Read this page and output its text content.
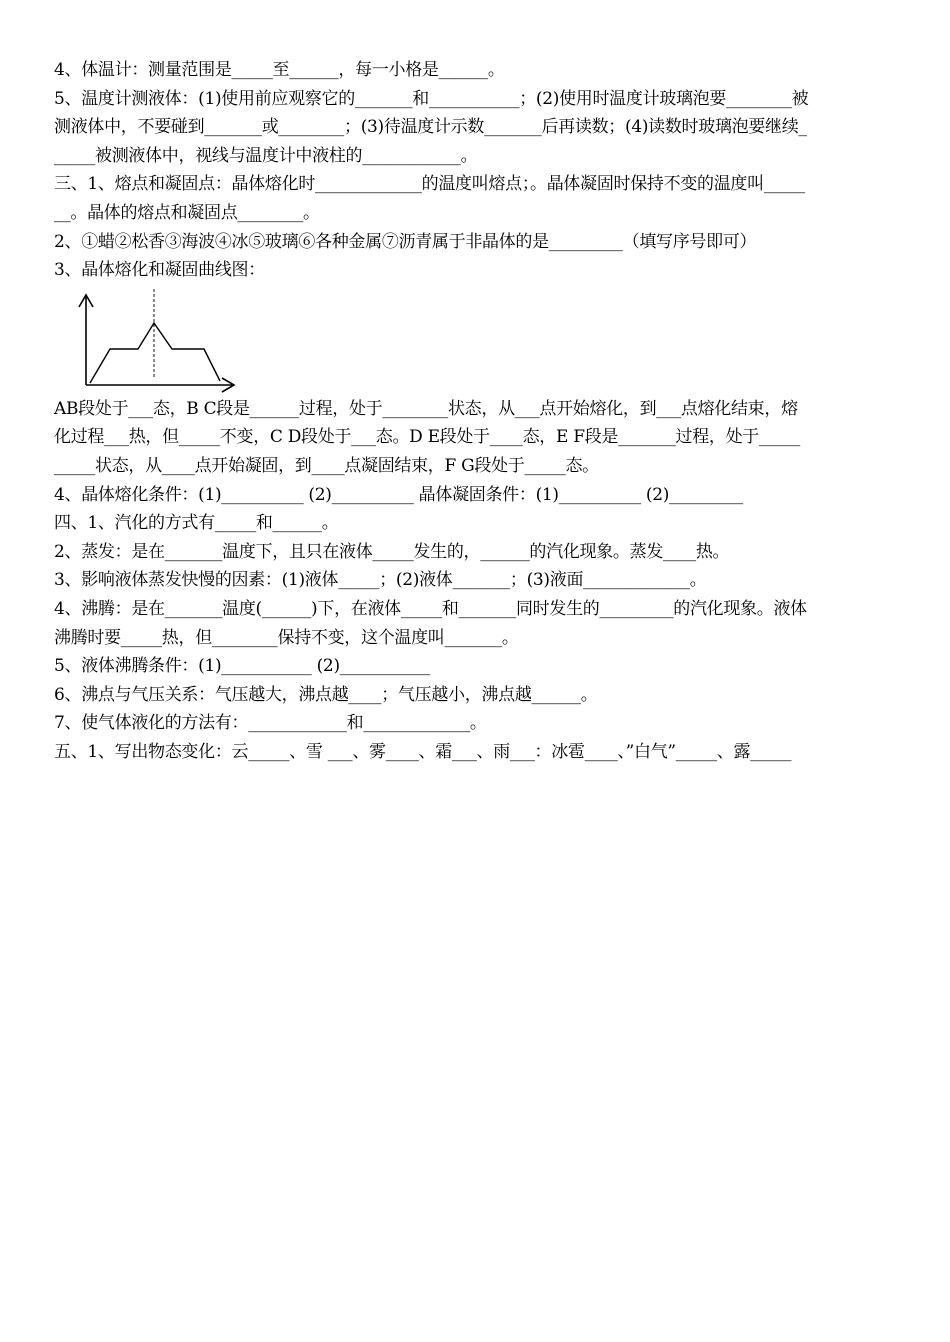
4、体温计：测量范围是_____至______，每一小格是______。
5、温度计测液体：(1)使用前应观察它的_______和___________；(2)使用时温度计玻璃泡要________被
测液体中，不要碰到_______或________；(3)待温度计示数_______后再读数；(4)读数时玻璃泡要继续_
_____被测液体中，视线与温度计中液柱的____________。
三、1、熔点和凝固点：晶体熔化时_____________的温度叫熔点；。晶体凝固时保持不变的温度叫_____
__。晶体的熔点和凝固点________。
2、①蜡②松香③海波④冰⑤玻璃⑥各种金属⑦沥青属于非晶体的是_________（填写序号即可）
3、晶体熔化和凝固曲线图：
AB段处于___态，B C段是______过程，处于________状态，从___点开始熔化，到___点熔化结束，熔
化过程___热，但_____不变，C D段处于___态。D E段处于____态，E F段是_______过程，处于_____
_____状态，从____点开始凝固，到____点凝固结束，F G段处于_____态。
4、晶体熔化条件：(1)__________ (2)__________ 晶体凝固条件：(1)__________ (2)_________
四、1、汽化的方式有_____和______。
2、蒸发：是在_______温度下，且只在液体_____发生的，______的汽化现象。蒸发____热。
3、影响液体蒸发快慢的因素：(1)液体_____；(2)液体_______；(3)液面_____________。
4、沸腾：是在_______温度(______)下，在液体_____和_______同时发生的_________的汽化现象。液体
沸腾时要_____热，但________保持不变，这个温度叫_______。
5、液体沸腾条件：(1)___________ (2)___________
6、沸点与气压关系：气压越大，沸点越____；气压越小，沸点越______。
7、使气体液化的方法有：____________和_____________。
五、1、写出物态变化：云_____、雪 ___、雾____、霜___、雨___：冰雹____、”白气”_____、露_____
